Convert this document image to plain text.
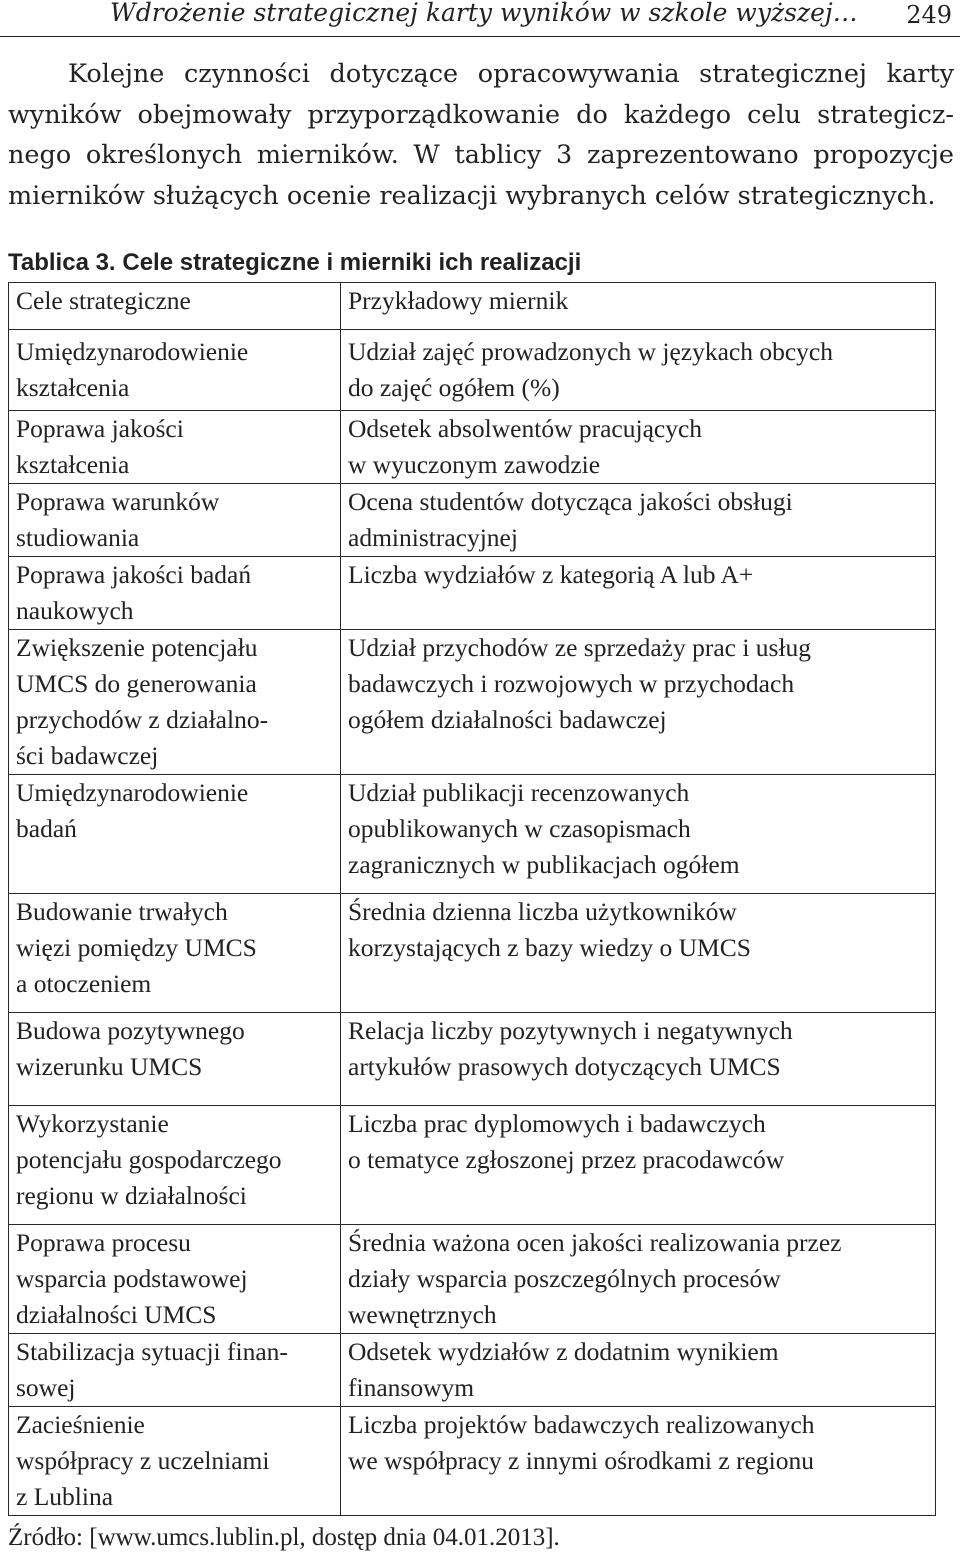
Wdrożenie strategicznej karty wyników w szkole wyższej… 249
Kolejne czynności dotyczące opracowywania strategicznej karty
wyników obejmowały przyporządkowanie do każdego celu strategicz-
nego określonych mierników. W tablicy 3 zaprezentowano propozycje
mierników służących ocenie realizacji wybranych celów strategicznych.
Tablica 3. Cele strategiczne i mierniki ich realizacji
Cele strategiczne	Przykładowy miernik

Umiędzynarodowienie
kształcenia	Udział zajęć prowadzonych w językach obcych
do zajęć ogółem (%)

Poprawa jakości
kształcenia	Odsetek absolwentów pracujących
w wyuczonym zawodzie

Poprawa warunków
studiowania	Ocena studentów dotycząca jakości obsługi
administracyjnej

Poprawa jakości badań
naukowych	Liczba wydziałów z kategorią A lub A+

Zwiększenie potencjału
UMCS do generowania
przychodów z działalno-
ści badawczej	Udział przychodów ze sprzedaży prac i usług
badawczych i rozwojowych w przychodach
ogółem działalności badawczej

Umiędzynarodowienie
badań	Udział publikacji recenzowanych
opublikowanych w czasopismach
zagranicznych w publikacjach ogółem

Budowanie trwałych
więzi pomiędzy UMCS
a otoczeniem	Średnia dzienna liczba użytkowników
korzystających z bazy wiedzy o UMCS

Budowa pozytywnego
wizerunku UMCS	Relacja liczby pozytywnych i negatywnych
artykułów prasowych dotyczących UMCS

Wykorzystanie
potencjału gospodarczego
regionu w działalności	Liczba prac dyplomowych i badawczych
o tematyce zgłoszonej przez pracodawców

Poprawa procesu
wsparcia podstawowej
działalności UMCS	Średnia ważona ocen jakości realizowania przez
działy wsparcia poszczególnych procesów
wewnętrznych

Stabilizacja sytuacji finan-
sowej	Odsetek wydziałów z dodatnim wynikiem
finansowym

Zacieśnienie
współpracy z uczelniami
z Lublina	Liczba projektów badawczych realizowanych
we współpracy z innymi ośrodkami z regionu
Źródło: [www.umcs.lublin.pl, dostęp dnia 04.01.2013].
